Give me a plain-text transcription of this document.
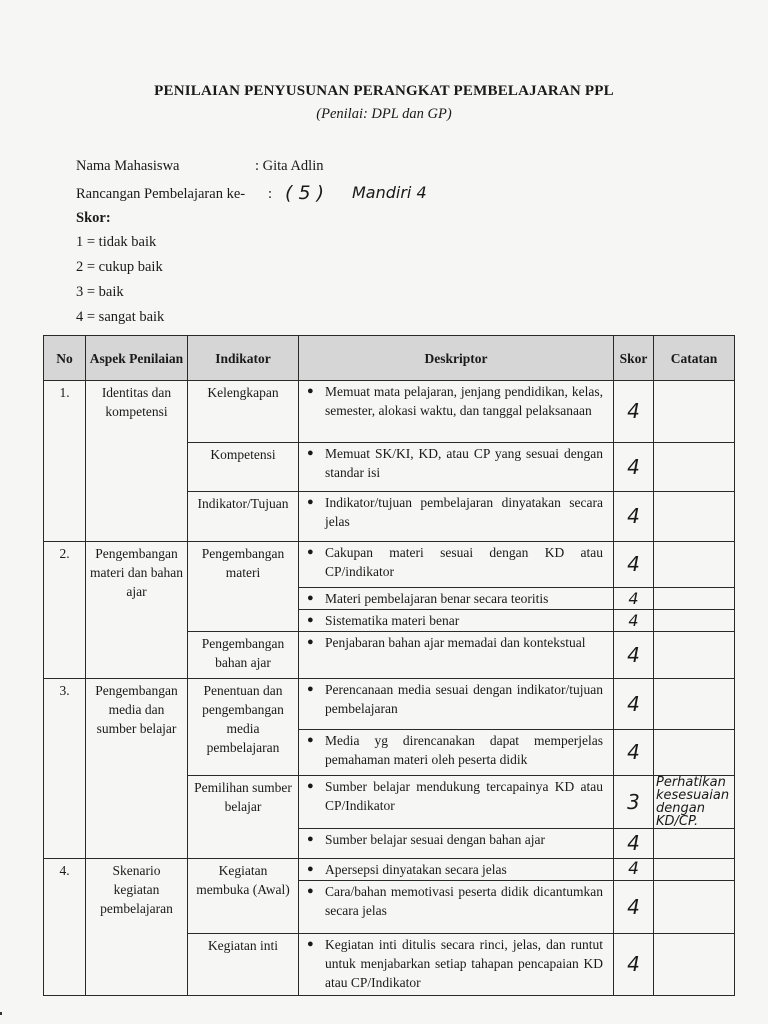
PENILAIAN PENYUSUNAN PERANGKAT PEMBELAJARAN PPL
(Penilai: DPL dan GP)
Nama Mahasiswa	: Gita Adlin
Rancangan Pembelajaran ke- : ( 5 ) Mandiri 4
Skor:
1 = tidak baik
2 = cukup baik
3 = baik
4 = sangat baik
No	Aspek Penilaian	Indikator	Deskriptor	Skor	Catatan
1.	Identitas dan kompetensi	Kelengkapan	● Memuat mata pelajaran, jenjang pendidikan, kelas, semester, alokasi waktu, dan tanggal pelaksanaan	4	
		Kompetensi	● Memuat SK/KI, KD, atau CP yang sesuai dengan standar isi	4	
		Indikator/Tujuan	● Indikator/tujuan pembelajaran dinyatakan secara jelas	4	
2.	Pengembangan materi dan bahan ajar	Pengembangan materi	● Cakupan materi sesuai dengan KD atau CP/indikator	4	

			● Materi pembelajaran benar secara teoritis	4	

			● Sistematika materi benar	4	
		Pengembangan bahan ajar	● Penjabaran bahan ajar memadai dan kontekstual	4	
3.	Pengembangan media dan sumber belajar	Penentuan dan pengembangan media pembelajaran	● Perencanaan media sesuai dengan indikator/tujuan pembelajaran	4	

			● Media yg direncanakan dapat memperjelas pemahaman materi oleh peserta didik	4	
		Pemilihan sumber belajar	● Sumber belajar mendukung tercapainya KD atau CP/Indikator	3	Perhatikan kesesuaian dengan KD/CP.

			● Sumber belajar sesuai dengan bahan ajar	4	
4.	Skenario kegiatan pembelajaran	Kegiatan membuka (Awal)	● Apersepsi dinyatakan secara jelas	4	

			● Cara/bahan memotivasi peserta didik dicantumkan secara jelas	4	
		Kegiatan inti	● Kegiatan inti ditulis secara rinci, jelas, dan runtut untuk menjabarkan setiap tahapan pencapaian KD atau CP/Indikator	4	
